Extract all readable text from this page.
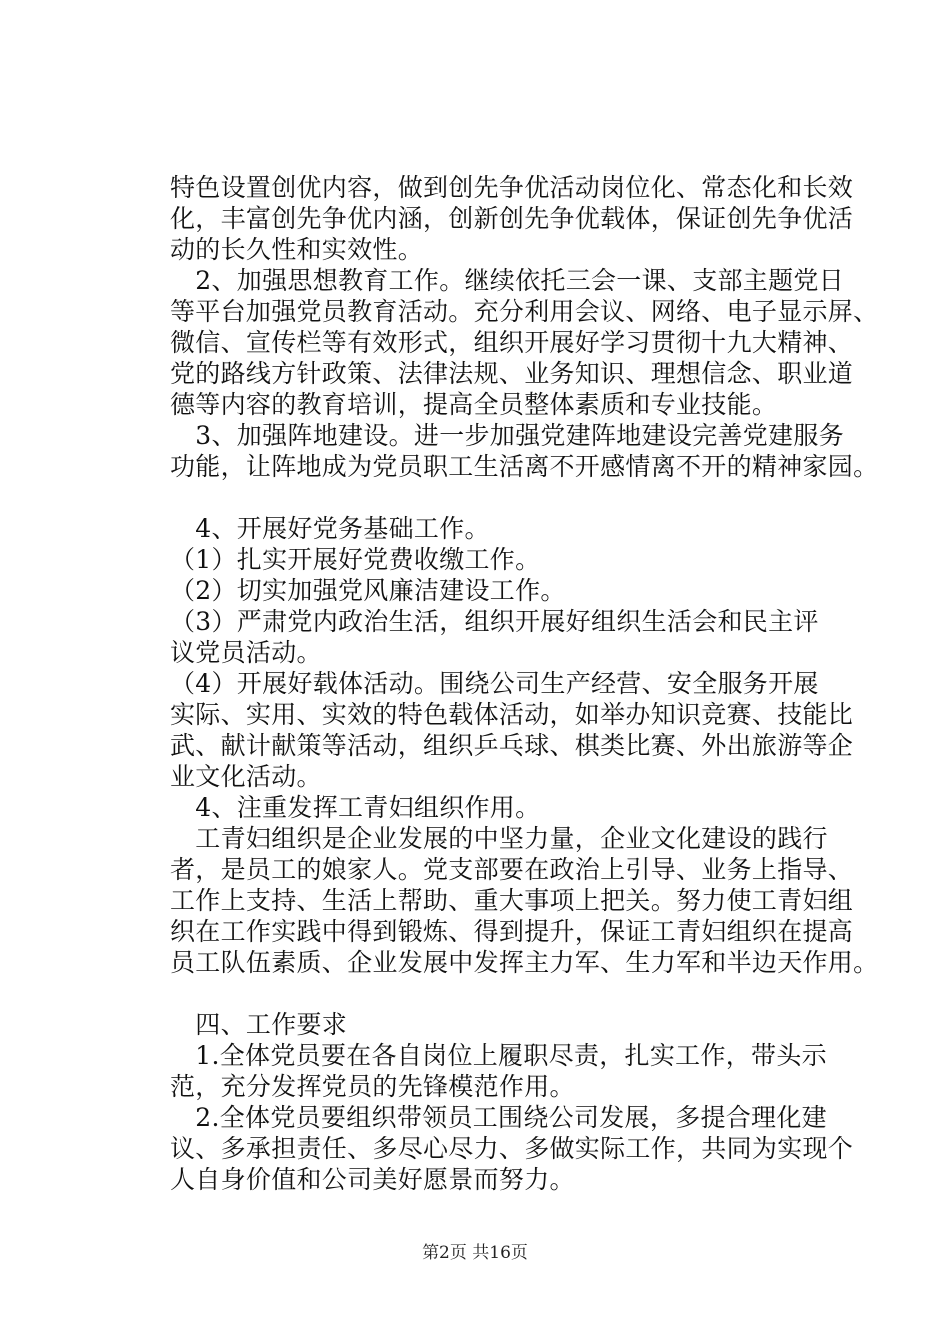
特色设置创优内容，做到创先争优活动岗位化、常态化和长效
化，丰富创先争优内涵，创新创先争优载体，保证创先争优活
动的长久性和实效性。
　2、加强思想教育工作。继续依托三会一课、支部主题党日
等平台加强党员教育活动。充分利用会议、网络、电子显示屏、
微信、宣传栏等有效形式，组织开展好学习贯彻十九大精神、
党的路线方针政策、法律法规、业务知识、理想信念、职业道
德等内容的教育培训，提高全员整体素质和专业技能。
　3、加强阵地建设。进一步加强党建阵地建设完善党建服务
功能，让阵地成为党员职工生活离不开感情离不开的精神家园。
　4、开展好党务基础工作。
（1）扎实开展好党费收缴工作。
（2）切实加强党风廉洁建设工作。
（3）严肃党内政治生活，组织开展好组织生活会和民主评
议党员活动。
（4）开展好载体活动。围绕公司生产经营、安全服务开展
实际、实用、实效的特色载体活动，如举办知识竞赛、技能比
武、献计献策等活动，组织乒乓球、棋类比赛、外出旅游等企
业文化活动。
　4、注重发挥工青妇组织作用。
　工青妇组织是企业发展的中坚力量，企业文化建设的践行
者，是员工的娘家人。党支部要在政治上引导、业务上指导、
工作上支持、生活上帮助、重大事项上把关。努力使工青妇组
织在工作实践中得到锻炼、得到提升，保证工青妇组织在提高
员工队伍素质、企业发展中发挥主力军、生力军和半边天作用。
　四、工作要求
　1.全体党员要在各自岗位上履职尽责，扎实工作，带头示
范，充分发挥党员的先锋模范作用。
　2.全体党员要组织带领员工围绕公司发展，多提合理化建
议、多承担责任、多尽心尽力、多做实际工作，共同为实现个
人自身价值和公司美好愿景而努力。
第2页 共16页
